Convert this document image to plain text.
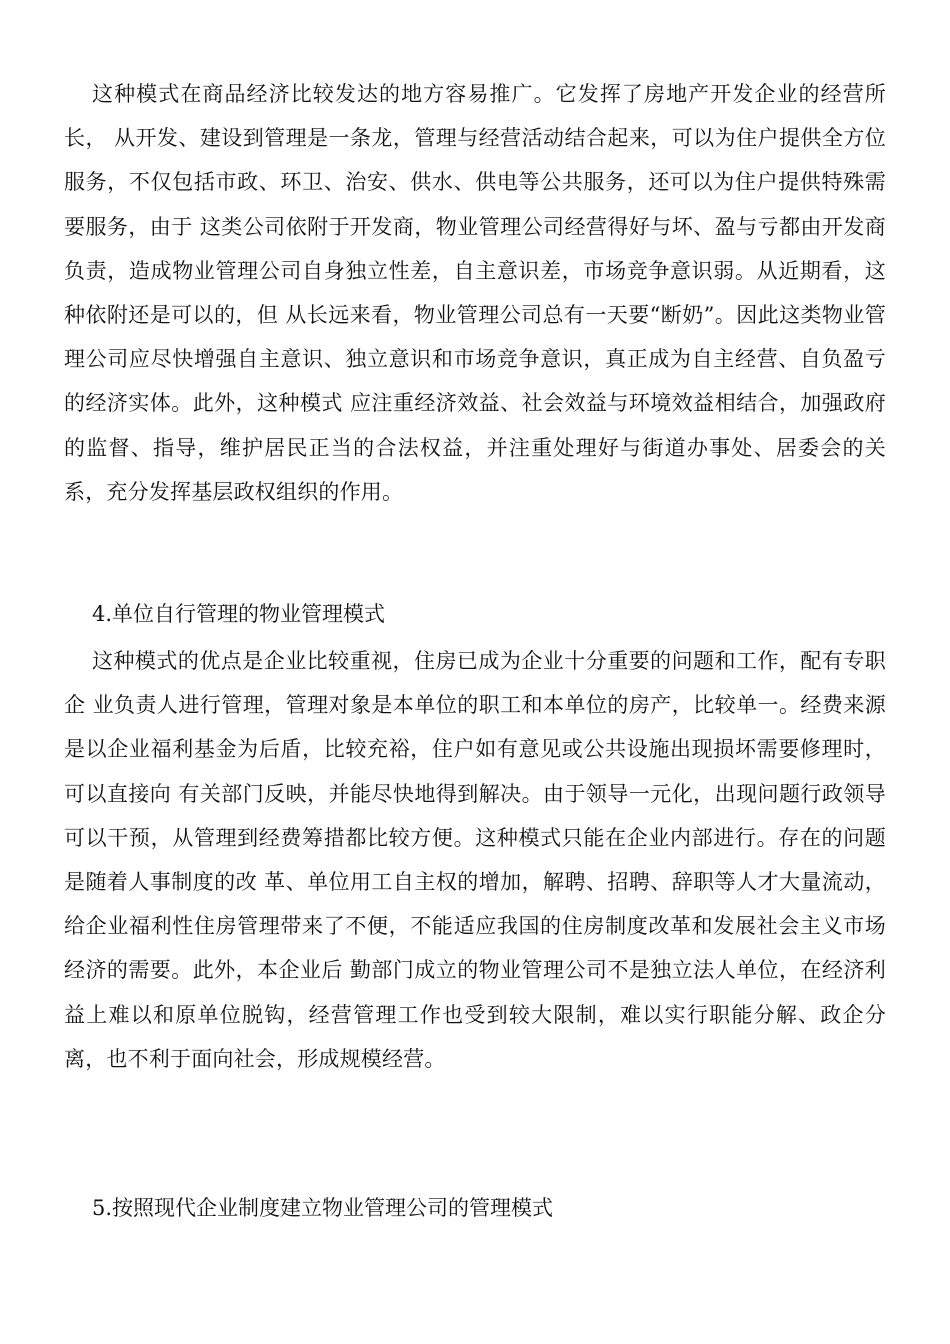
这种模式在商品经济比较发达的地方容易推广。它发挥了房地产开发企业的经营所长， 从开发、建设到管理是一条龙，管理与经营活动结合起来，可以为住户提供全方位服务，不仅包括市政、环卫、治安、供水、供电等公共服务，还可以为住户提供特殊需要服务，由于 这类公司依附于开发商，物业管理公司经营得好与坏、盈与亏都由开发商负责，造成物业管理公司自身独立性差，自主意识差，市场竞争意识弱。从近期看，这种依附还是可以的，但 从长远来看，物业管理公司总有一天要“断奶”。因此这类物业管理公司应尽快增强自主意识、独立意识和市场竞争意识，真正成为自主经营、自负盈亏的经济实体。此外，这种模式 应注重经济效益、社会效益与环境效益相结合，加强政府的监督、指导，维护居民正当的合法权益，并注重处理好与街道办事处、居委会的关系，充分发挥基层政权组织的作用。

4.单位自行管理的物业管理模式

这种模式的优点是企业比较重视，住房已成为企业十分重要的问题和工作，配有专职企 业负责人进行管理，管理对象是本单位的职工和本单位的房产，比较单一。经费来源是以企业福利基金为后盾，比较充裕，住户如有意见或公共设施出现损坏需要修理时，可以直接向 有关部门反映，并能尽快地得到解决。由于领导一元化，出现问题行政领导可以干预，从管理到经费筹措都比较方便。这种模式只能在企业内部进行。存在的问题是随着人事制度的改 革、单位用工自主权的增加，解聘、招聘、辞职等人才大量流动，给企业福利性住房管理带来了不便，不能适应我国的住房制度改革和发展社会主义市场经济的需要。此外，本企业后 勤部门成立的物业管理公司不是独立法人单位，在经济利益上难以和原单位脱钩，经营管理工作也受到较大限制，难以实行职能分解、政企分离，也不利于面向社会，形成规模经营。

5.按照现代企业制度建立物业管理公司的管理模式
